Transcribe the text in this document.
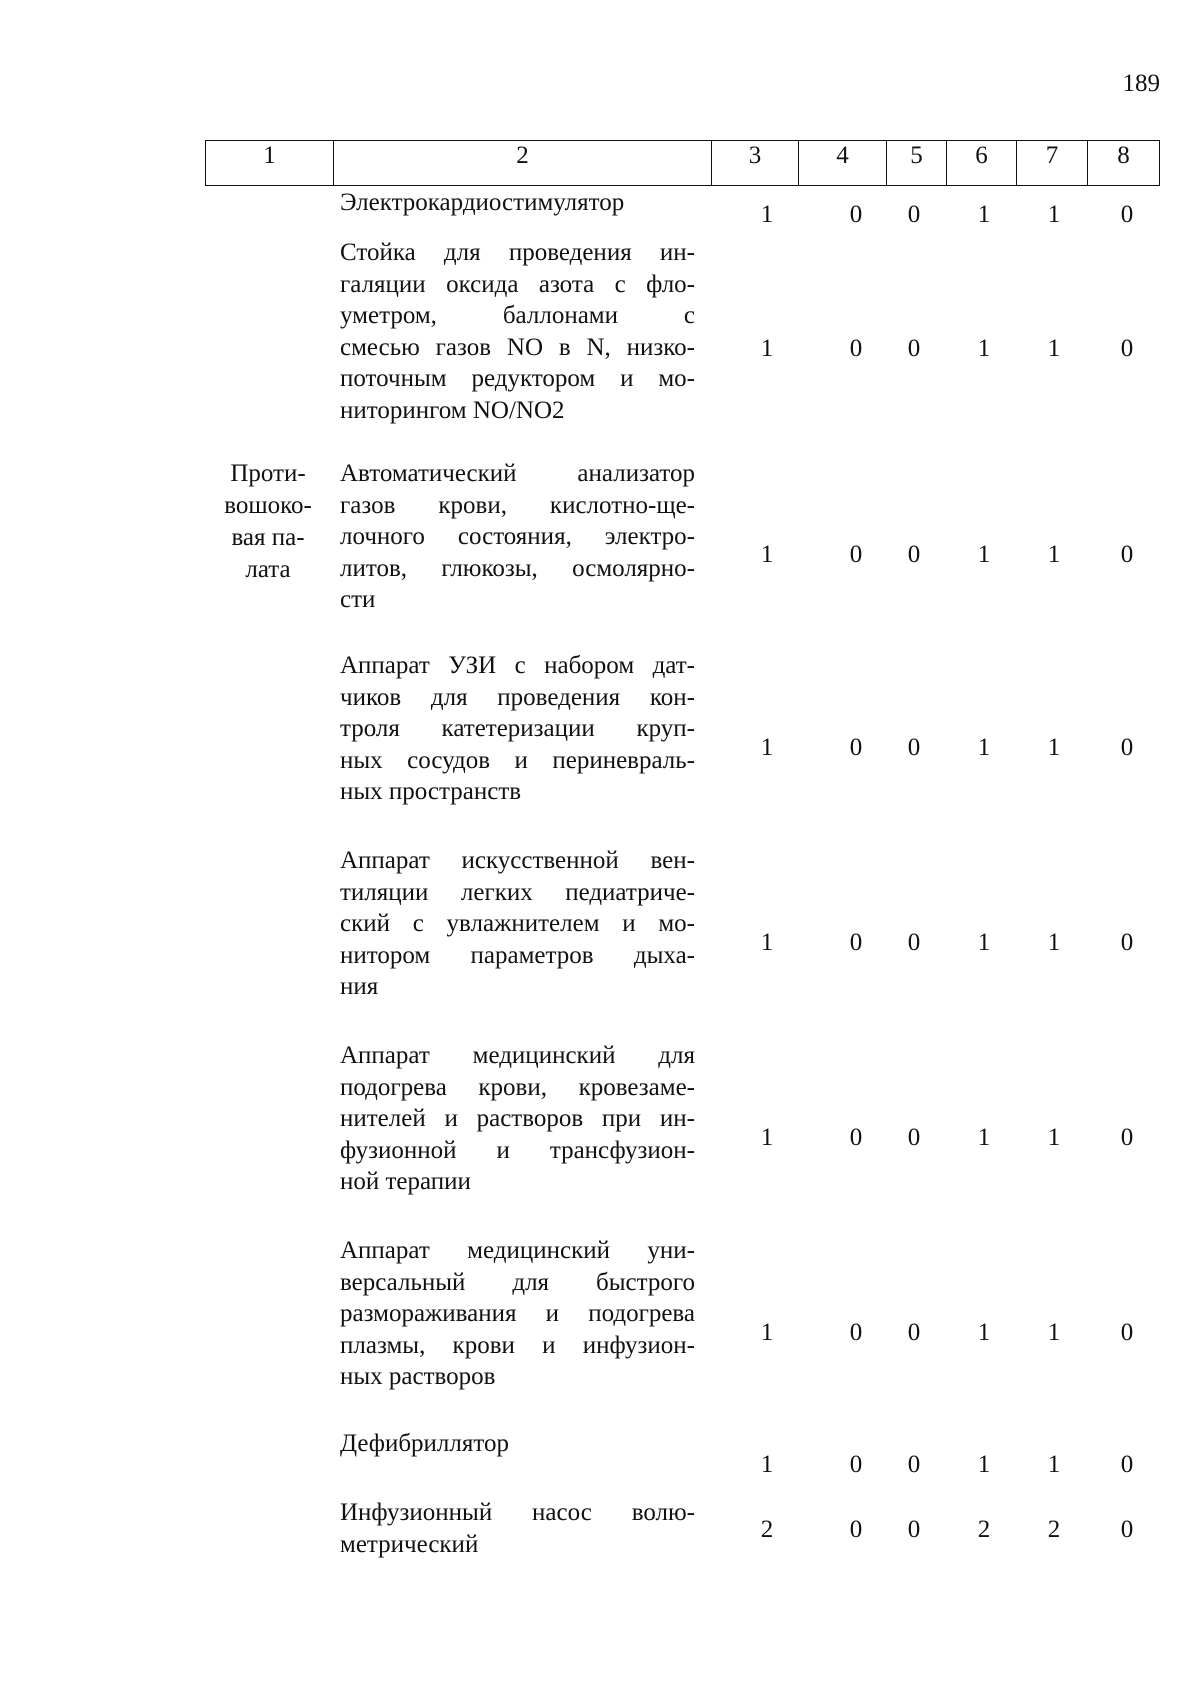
189
1	2	3	4	5	6	7	8
Проти-
вошоко-
вая па-
лата
Электрокардиостимулятор	1	0	0	1	1	0
Стойка для проведения ин-
галяции оксида азота с фло-
уметром, баллонами с
смесью газов NO в N, низко-
поточным редуктором и мо-
ниторингом NO/NO2
1	0	0	1	1	0
Автоматический анализатор
газов крови, кислотно-ще-
лочного состояния, электро-
литов, глюкозы, осмолярно-
сти
1	0	0	1	1	0
Аппарат УЗИ с набором дат-
чиков для проведения кон-
троля катетеризации круп-
ных сосудов и периневраль-
ных пространств
1	0	0	1	1	0
Аппарат искусственной вен-
тиляции легких педиатриче-
ский с увлажнителем и мо-
нитором параметров дыха-
ния
1	0	0	1	1	0
Аппарат медицинский для
подогрева крови, кровезаме-
нителей и растворов при ин-
фузионной и трансфузион-
ной терапии
1	0	0	1	1	0
Аппарат медицинский уни-
версальный для быстрого
размораживания и подогрева
плазмы, крови и инфузион-
ных растворов
1	0	0	1	1	0
Дефибриллятор
1	0	0	1	1	0
Инфузионный насос волю-
метрический
2	0	0	2	2	0
